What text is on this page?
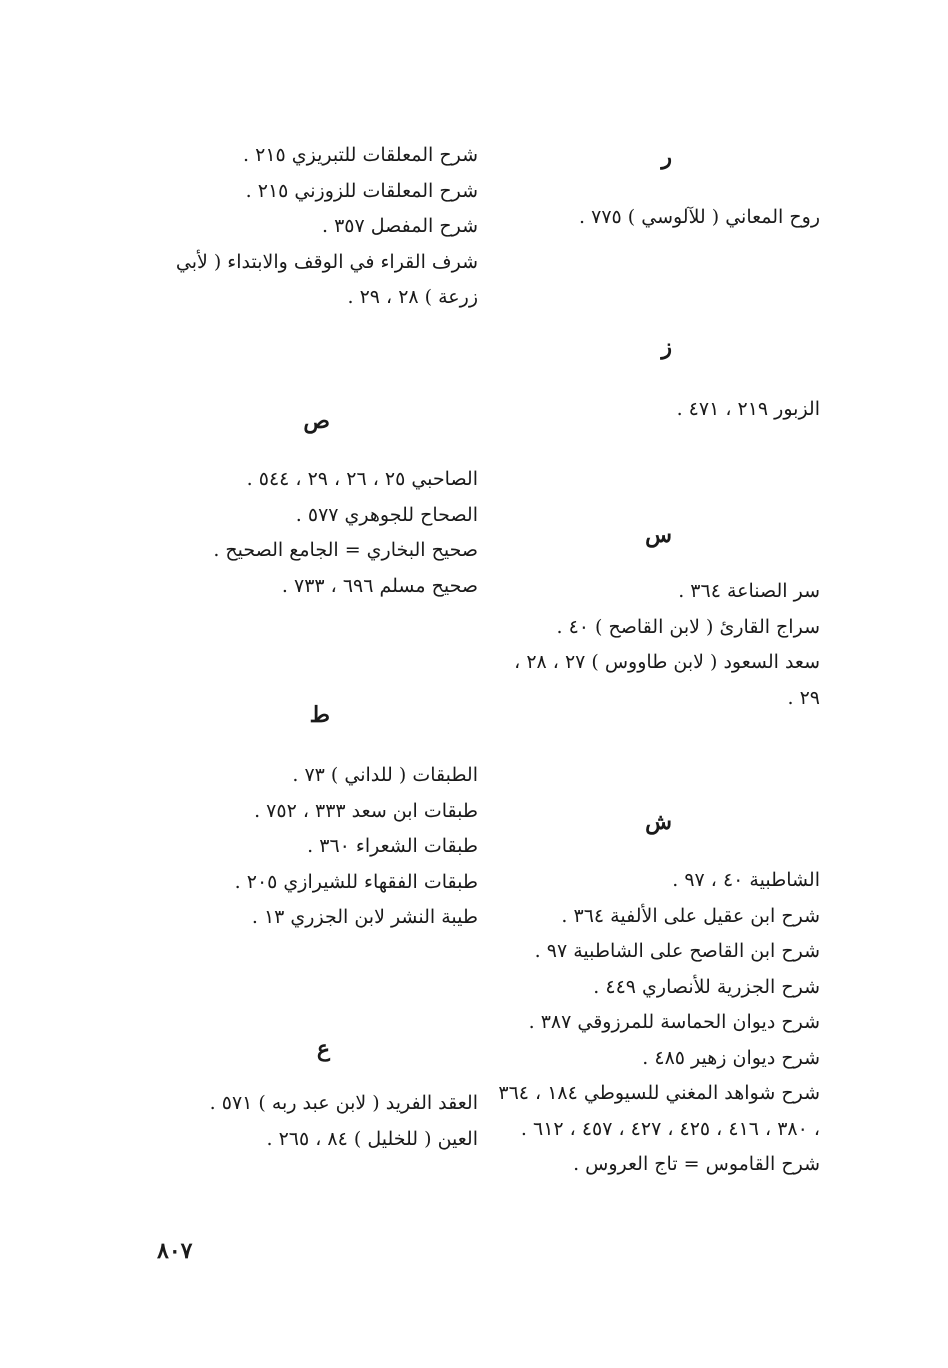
ر
روح المعاني ( للآلوسي ) ٧٧٥ .
ز
الزبور ٢١٩ ، ٤٧١ .
س
سر الصناعة ٣٦٤ .
سراج القارئ ( لابن القاصح ) ٤٠ .
سعد السعود ( لابن طاووس ) ٢٧ ، ٢٨ ، ٢٩ .
ش
الشاطبية ٤٠ ، ٩٧ .
شرح ابن عقيل على الألفية ٣٦٤ .
شرح ابن القاصح على الشاطبية ٩٧ .
شرح الجزرية للأنصاري ٤٤٩ .
شرح ديوان الحماسة للمرزوقي ٣٨٧ .
شرح ديوان زهير ٤٨٥ .
شرح شواهد المغني للسيوطي ١٨٤ ، ٣٦٤ ، ٣٨٠ ، ٤١٦ ، ٤٢٥ ، ٤٢٧ ، ٤٥٧ ، ٦١٢ .
شرح القاموس = تاج العروس .
شرح المعلقات للتبريزي ٢١٥ .
شرح المعلقات للزوزني ٢١٥ .
شرح المفصل ٣٥٧ .
شرف القراء في الوقف والابتداء ( لأبي زرعة ) ٢٨ ، ٢٩ .
ص
الصاحبي ٢٥ ، ٢٦ ، ٢٩ ، ٥٤٤ .
الصحاح للجوهري ٥٧٧ .
صحيح البخاري = الجامع الصحيح .
صحيح مسلم ٦٩٦ ، ٧٣٣ .
ط
الطبقات ( للداني ) ٧٣ .
طبقات ابن سعد ٣٣٣ ، ٧٥٢ .
طبقات الشعراء ٣٦٠ .
طبقات الفقهاء للشيرازي ٢٠٥ .
طيبة النشر لابن الجزري ١٣ .
ع
العقد الفريد ( لابن عبد ربه ) ٥٧١ .
العين ( للخليل ) ٨٤ ، ٢٦٥ .
٨٠٧
